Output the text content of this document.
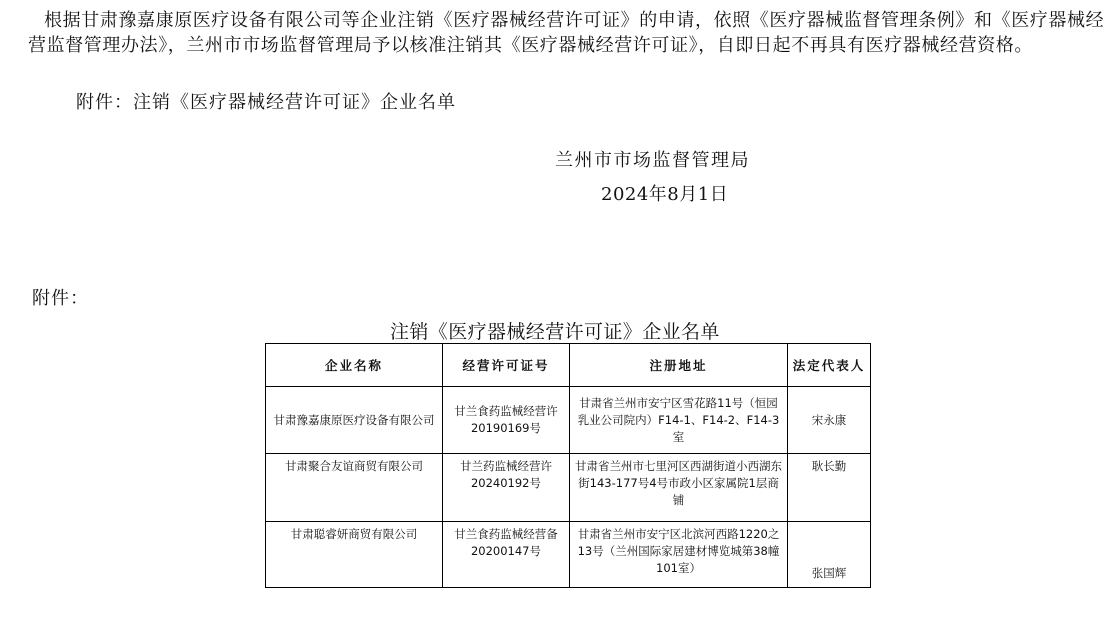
根据甘肃豫嘉康原医疗设备有限公司等企业注销《医疗器械经营许可证》的申请，依照《医疗器械监督管理条例》和《医疗器械经营监督管理办法》，兰州市市场监督管理局予以核准注销其《医疗器械经营许可证》，自即日起不再具有医疗器械经营资格。
附件：注销《医疗器械经营许可证》企业名单
兰州市市场监督管理局
2024年8月1日
附件：
注销《医疗器械经营许可证》企业名单
企业名称	经营许可证号	注册地址	法定代表人
甘肃豫嘉康原医疗设备有限公司	甘兰食药监械经营许20190169号	甘肃省兰州市安宁区雪花路11号（恒园乳业公司院内）F14-1、F14-2、F14-3室	宋永康
甘肃聚合友谊商贸有限公司	甘兰药监械经营许20240192号	甘肃省兰州市七里河区西湖街道小西湖东街143-177号4号市政小区家属院1层商铺	耿长勤
甘肃聪睿妍商贸有限公司	甘兰食药监械经营备20200147号	甘肃省兰州市安宁区北滨河西路1220之13号（兰州国际家居建材博览城第38幢101室）	张国辉
